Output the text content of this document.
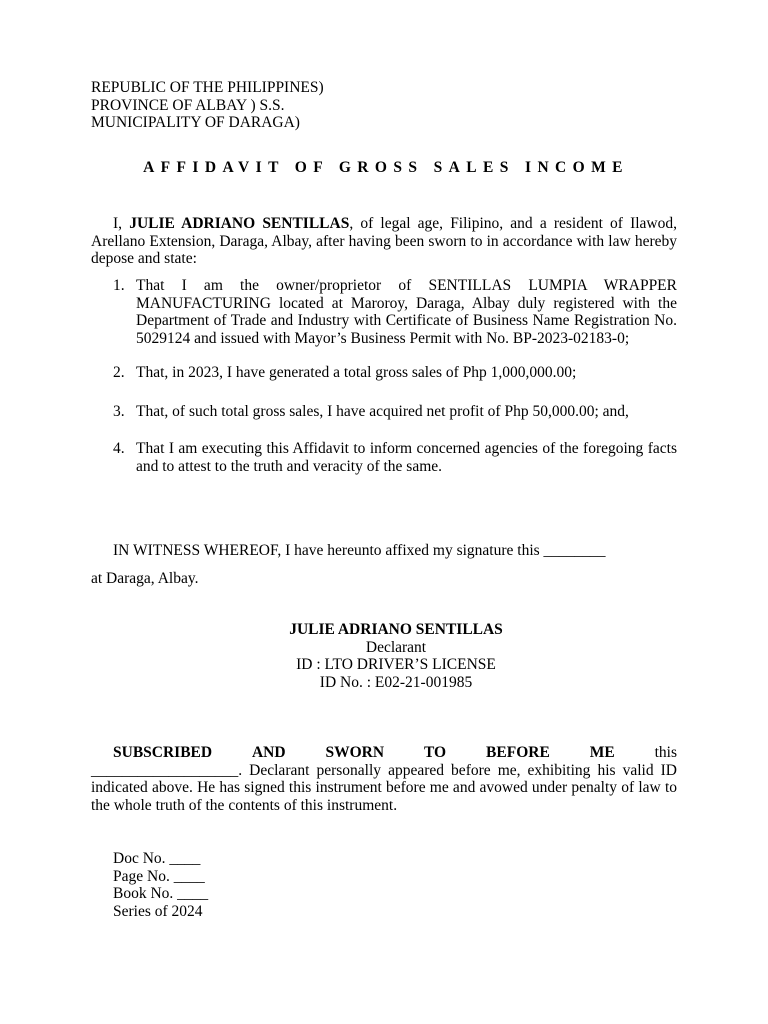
REPUBLIC OF THE PHILIPPINES)
PROVINCE OF ALBAY ) S.S.
MUNICIPALITY OF DARAGA)
AFFIDAVIT OF GROSS SALES INCOME
I, JULIE ADRIANO SENTILLAS, of legal age, Filipino, and a resident of Ilawod, Arellano Extension, Daraga, Albay, after having been sworn to in accordance with law hereby depose and state:
1. That I am the owner/proprietor of SENTILLAS LUMPIA WRAPPER MANUFACTURING located at Maroroy, Daraga, Albay duly registered with the Department of Trade and Industry with Certificate of Business Name Registration No. 5029124 and issued with Mayor’s Business Permit with No. BP-2023-02183-0;
2. That, in 2023, I have generated a total gross sales of Php 1,000,000.00;
3. That, of such total gross sales, I have acquired net profit of Php 50,000.00; and,
4. That I am executing this Affidavit to inform concerned agencies of the foregoing facts and to attest to the truth and veracity of the same.
IN WITNESS WHEREOF, I have hereunto affixed my signature this ________
at Daraga, Albay.
JULIE ADRIANO SENTILLAS
Declarant
ID : LTO DRIVER’S LICENSE
ID No. : E02-21-001985
SUBSCRIBED	AND	SWORN	TO	BEFORE	ME	this
___________________. Declarant personally appeared before me, exhibiting his valid ID indicated above. He has signed this instrument before me and avowed under penalty of law to the whole truth of the contents of this instrument.
Doc No. ____
Page No. ____
Book No. ____
Series of 2024
